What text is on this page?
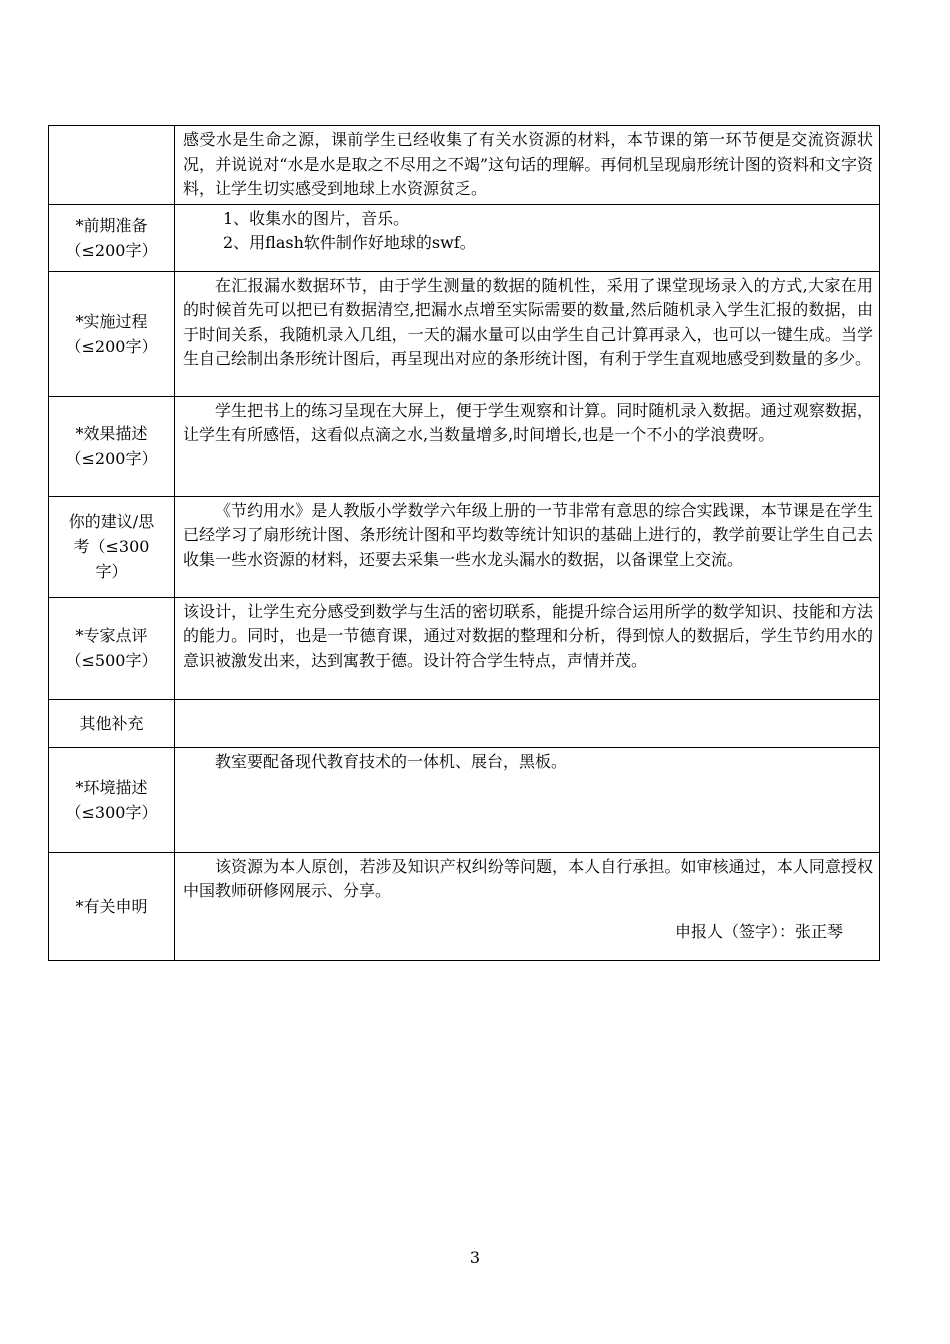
	感受水是生命之源，课前学生已经收集了有关水资源的材料，本节课的第一环节便是交流资源状况，并说说对“水是水是取之不尽用之不竭”这句话的理解。再伺机呈现扇形统计图的资料和文字资料，让学生切实感受到地球上水资源贫乏。

*前期准备（≤200字）	1、收集水的图片，音乐。

2、用flash软件制作好地球的swf。

*实施过程（≤200字）	在汇报漏水数据环节，由于学生测量的数据的随机性，采用了课堂现场录入的方式,大家在用的时候首先可以把已有数据清空,把漏水点增至实际需要的数量,然后随机录入学生汇报的数据，由于时间关系，我随机录入几组，一天的漏水量可以由学生自己计算再录入，也可以一键生成。当学生自己绘制出条形统计图后，再呈现出对应的条形统计图，有利于学生直观地感受到数量的多少。

*效果描述（≤200字）	学生把书上的练习呈现在大屏上，便于学生观察和计算。同时随机录入数据。通过观察数据，让学生有所感悟，这看似点滴之水,当数量增多,时间增长,也是一个不小的学浪费呀。

你的建议/思考（≤300字）	《节约用水》是人教版小学数学六年级上册的一节非常有意思的综合实践课，本节课是在学生已经学习了扇形统计图、条形统计图和平均数等统计知识的基础上进行的，教学前要让学生自己去收集一些水资源的材料，还要去采集一些水龙头漏水的数据，以备课堂上交流。

*专家点评（≤500字）	该设计，让学生充分感受到数学与生活的密切联系，能提升综合运用所学的数学知识、技能和方法的能力。同时，也是一节德育课，通过对数据的整理和分析，得到惊人的数据后，学生节约用水的意识被激发出来，达到寓教于德。设计符合学生特点，声情并茂。

其他补充	

*环境描述（≤300字）	教室要配备现代教育技术的一体机、展台，黑板。

*有关申明	该资源为本人原创，若涉及知识产权纠纷等问题，本人自行承担。如审核通过，本人同意授权中国教师研修网展示、分享。

申报人（签字）：张正琴

3
